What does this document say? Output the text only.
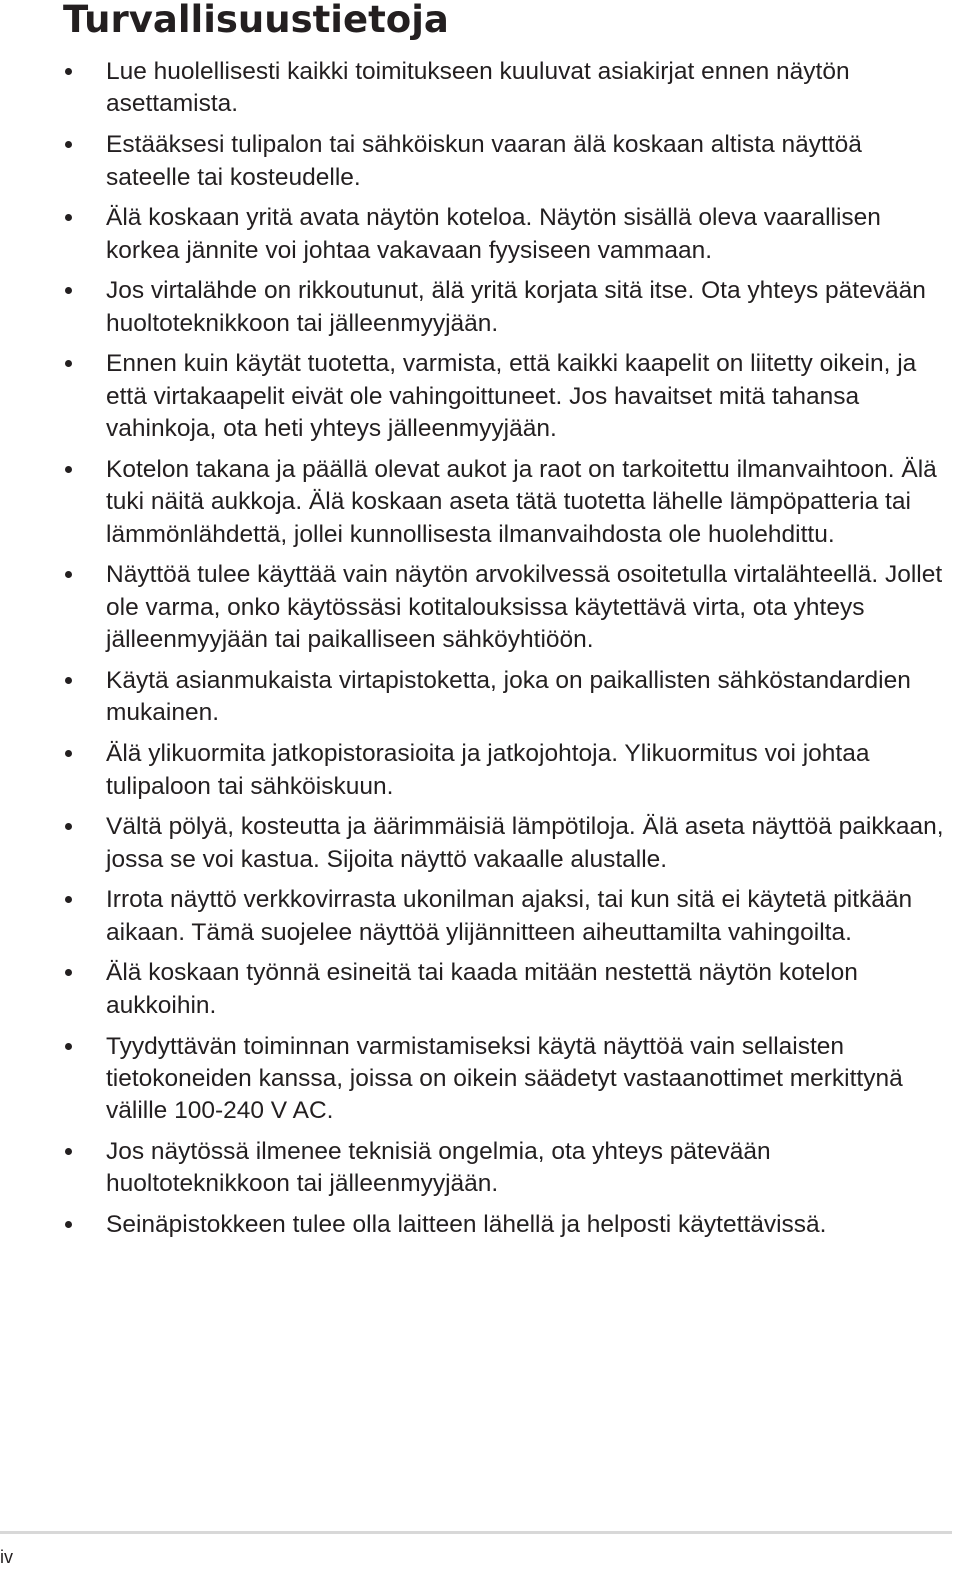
Turvallisuustietoja
Lue huolellisesti kaikki toimitukseen kuuluvat asiakirjat ennen näytön asettamista.
Estääksesi tulipalon tai sähköiskun vaaran älä koskaan altista näyttöä sateelle tai kosteudelle.
Älä koskaan yritä avata näytön koteloa. Näytön sisällä oleva vaarallisen korkea jännite voi johtaa vakavaan fyysiseen vammaan.
Jos virtalähde on rikkoutunut, älä yritä korjata sitä itse. Ota yhteys pätevään huoltoteknikkoon tai jälleenmyyjään.
Ennen kuin käytät tuotetta, varmista, että kaikki kaapelit on liitetty oikein, ja että virtakaapelit eivät ole vahingoittuneet. Jos havaitset mitä tahansa vahinkoja, ota heti yhteys jälleenmyyjään.
Kotelon takana ja päällä olevat aukot ja raot on tarkoitettu ilmanvaihtoon. Älä tuki näitä aukkoja. Älä koskaan aseta tätä tuotetta lähelle lämpöpatteria tai lämmönlähdettä, jollei kunnollisesta ilmanvaihdosta ole huolehdittu.
Näyttöä tulee käyttää vain näytön arvokilvessä osoitetulla virtalähteellä. Jollet ole varma, onko käytössäsi kotitalouksissa käytettävä virta, ota yhteys jälleenmyyjään tai paikalliseen sähköyhtiöön.
Käytä asianmukaista virtapistoketta, joka on paikallisten sähköstandardien mukainen.
Älä ylikuormita jatkopistorasioita ja jatkojohtoja. Ylikuormitus voi johtaa tulipaloon tai sähköiskuun.
Vältä pölyä, kosteutta ja äärimmäisiä lämpötiloja. Älä aseta näyttöä paikkaan, jossa se voi kastua. Sijoita näyttö vakaalle alustalle.
Irrota näyttö verkkovirrasta ukonilman ajaksi, tai kun sitä ei käytetä pitkään aikaan. Tämä suojelee näyttöä ylijännitteen aiheuttamilta vahingoilta.
Älä koskaan työnnä esineitä tai kaada mitään nestettä näytön kotelon aukkoihin.
Tyydyttävän toiminnan varmistamiseksi käytä näyttöä vain sellaisten tietokoneiden kanssa, joissa on oikein säädetyt vastaanottimet merkittynä välille 100-240 V AC.
Jos näytössä ilmenee teknisiä ongelmia, ota yhteys pätevään huoltoteknikkoon tai jälleenmyyjään.
Seinäpistokkeen tulee olla laitteen lähellä ja helposti käytettävissä.
iv
